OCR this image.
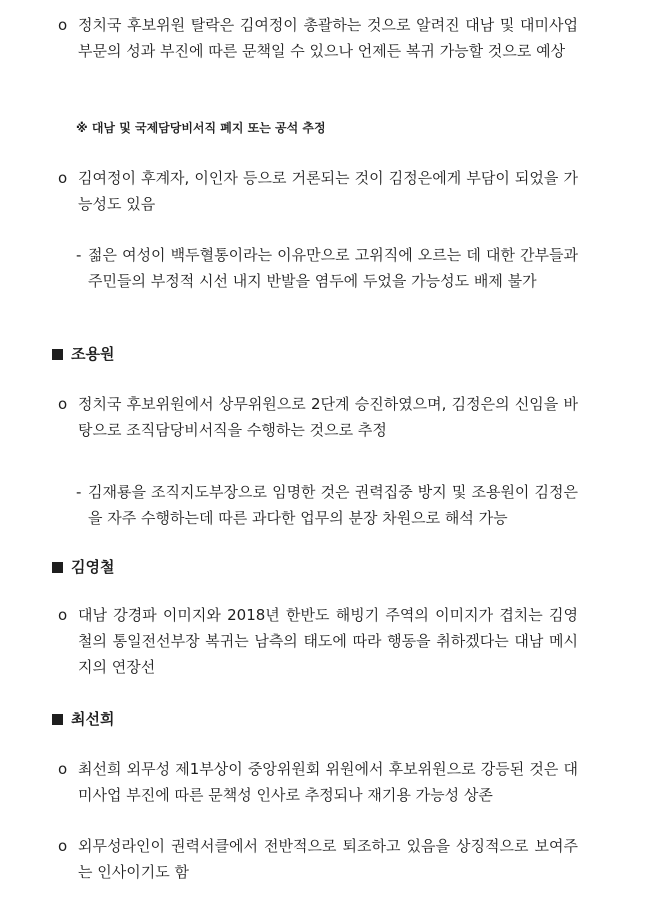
o 정치국 후보위원 탈락은 김여정이 총괄하는 것으로 알려진 대남 및 대미사업 부문의 성과 부진에 따른 문책일 수 있으나 언제든 복귀 가능할 것으로 예상
※ 대남 및 국제담당비서직 폐지 또는 공석 추정
o 김여정이 후계자, 이인자 등으로 거론되는 것이 김정은에게 부담이 되었을 가능성도 있음
- 젊은 여성이 백두혈통이라는 이유만으로 고위직에 오르는 데 대한 간부들과 주민들의 부정적 시선 내지 반발을 염두에 두었을 가능성도 배제 불가
조용원
o 정치국 후보위원에서 상무위원으로 2단계 승진하였으며, 김정은의 신임을 바탕으로 조직담당비서직을 수행하는 것으로 추정
- 김재룡을 조직지도부장으로 임명한 것은 권력집중 방지 및 조용원이 김정은을 자주 수행하는데 따른 과다한 업무의 분장 차원으로 해석 가능
김영철
o 대남 강경파 이미지와 2018년 한반도 해빙기 주역의 이미지가 겹치는 김영철의 통일전선부장 복귀는 남측의 태도에 따라 행동을 취하겠다는 대남 메시지의 연장선
최선희
o 최선희 외무성 제1부상이 중앙위원회 위원에서 후보위원으로 강등된 것은 대미사업 부진에 따른 문책성 인사로 추정되나 재기용 가능성 상존
o 외무성라인이 권력서클에서 전반적으로 퇴조하고 있음을 상징적으로 보여주는 인사이기도 함
